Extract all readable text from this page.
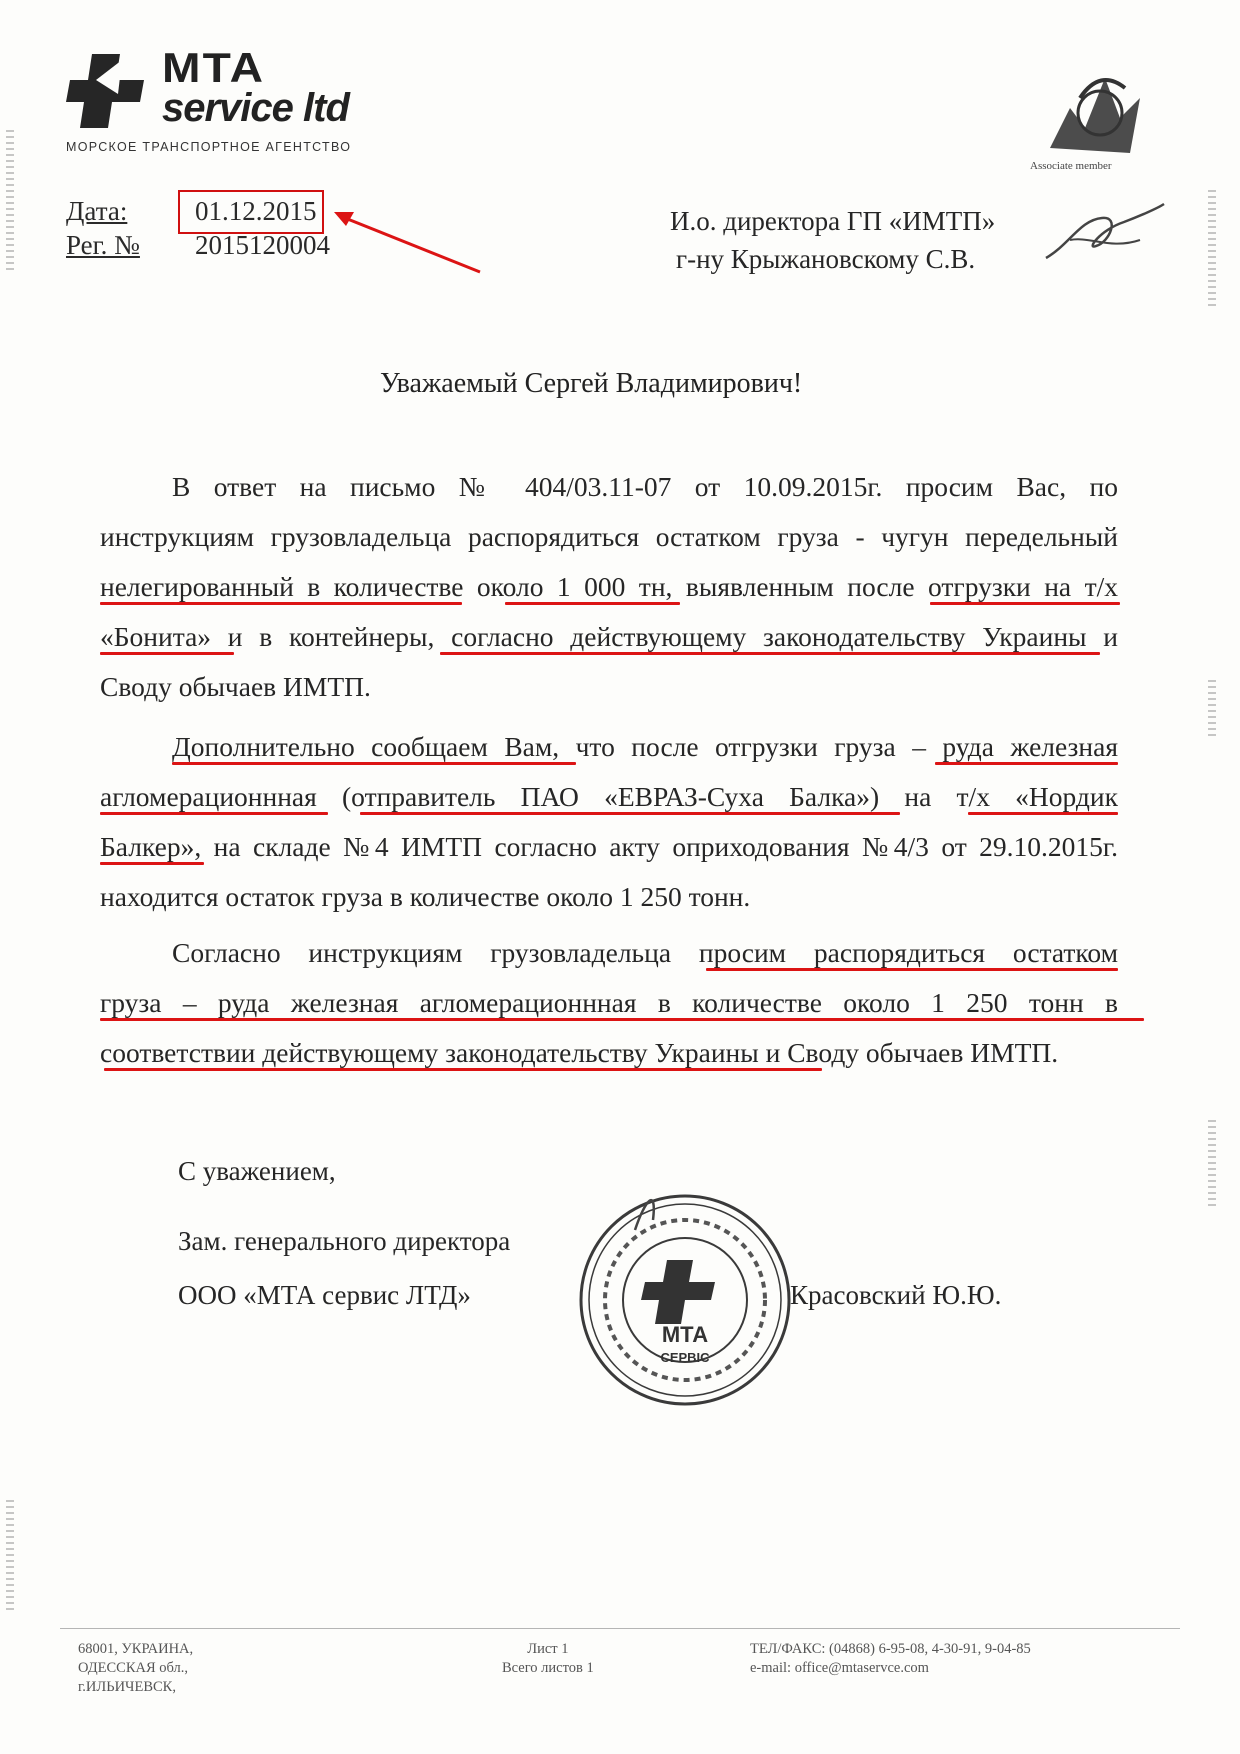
MTA
service ltd
МОРСКОЕ ТРАНСПОРТНОЕ АГЕНТСТВО
Associate member
Дата:	01.12.2015
Рег. № 2015120004
И.о. директора ГП «ИМТП»
г-ну Крыжановскому С.В.
Уважаемый Сергей Владимирович!
В ответ на письмо № 404/03.11-07 от 10.09.2015г. просим Вас, по
инструкциям грузовладельца распорядиться остатком груза - чугун передельный
нелегированный в количестве около 1 000 тн, выявленным после отгрузки на т/х
«Бонита» и в контейнеры, согласно действующему законодательству Украины и
Своду обычаев ИМТП.
Дополнительно сообщаем Вам, что после отгрузки груза – руда железная
агломерационнная (отправитель ПАО «ЕВРАЗ-Суха Балка») на т/х «Нордик
Балкер», на складе №4 ИМТП согласно акту оприходования №4/3 от 29.10.2015г.
находится остаток груза в количестве около 1 250 тонн.
Согласно инструкциям грузовладельца просим распорядиться остатком
груза – руда железная агломерационнная в количестве около 1 250 тонн в
соответствии действующему законодательству Украины и Своду обычаев ИМТП.
С уважением,
Зам. генерального директора
ООО «МТА сервис ЛТД»	Красовский Ю.Ю.
МТА
СЕРВІС
68001, УКРАИНА,
ОДЕССКАЯ обл.,
г.ИЛЬИЧЕВСК,
Лист 1
Всего листов 1
ТЕЛ/ФАКС: (04868) 6-95-08, 4-30-91, 9-04-85
e-mail: office@mtaservce.com
